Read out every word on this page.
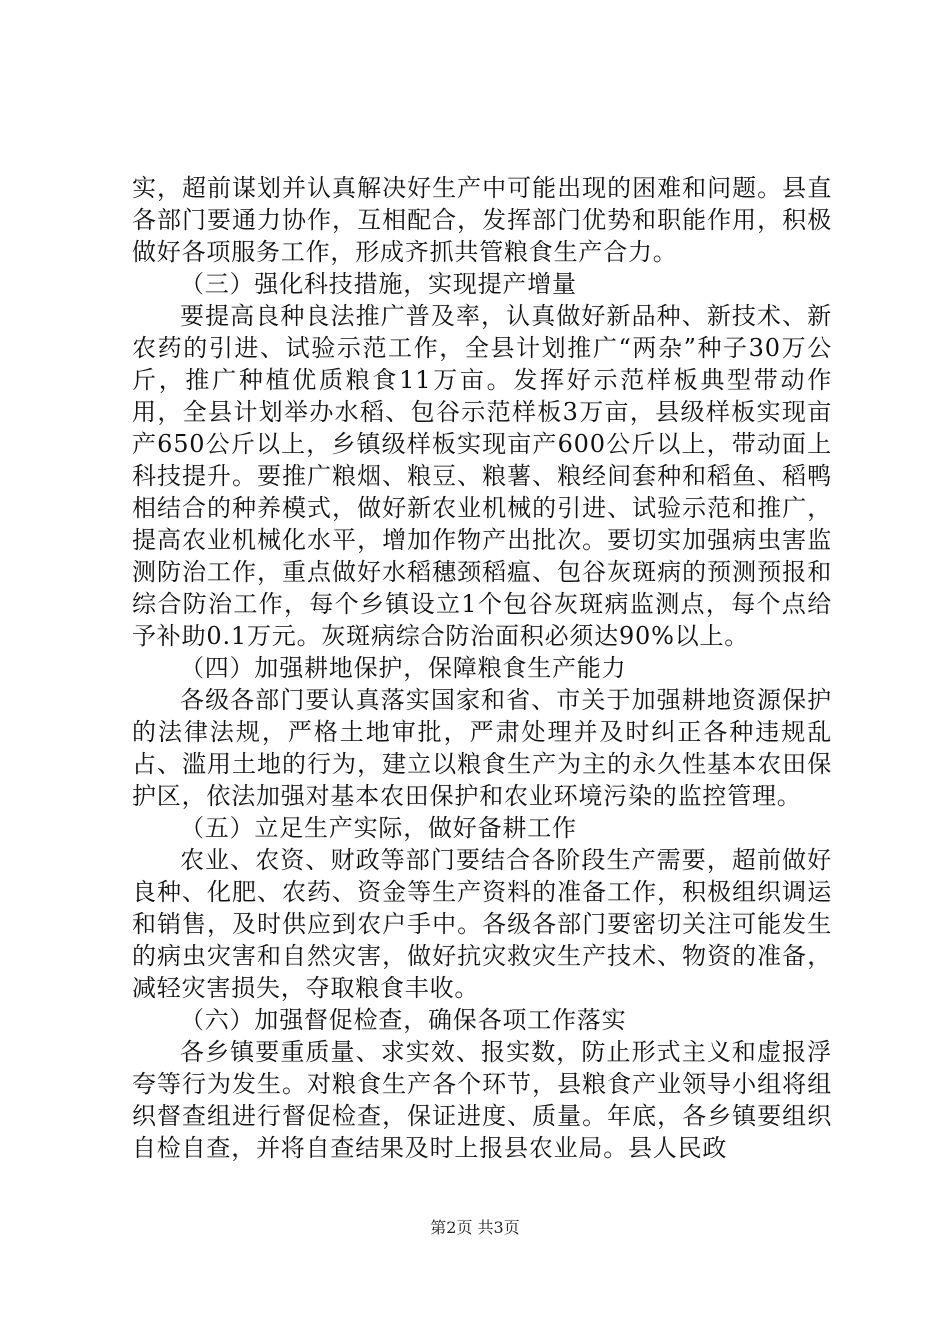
实，超前谋划并认真解决好生产中可能出现的困难和问题。县直各部门要通力协作，互相配合，发挥部门优势和职能作用，积极做好各项服务工作，形成齐抓共管粮食生产合力。

（三）强化科技措施，实现提产增量

要提高良种良法推广普及率，认真做好新品种、新技术、新农药的引进、试验示范工作，全县计划推广“两杂”种子30万公斤，推广种植优质粮食11万亩。发挥好示范样板典型带动作用，全县计划举办水稻、包谷示范样板3万亩，县级样板实现亩产650公斤以上，乡镇级样板实现亩产600公斤以上，带动面上科技提升。要推广粮烟、粮豆、粮薯、粮经间套种和稻鱼、稻鸭相结合的种养模式，做好新农业机械的引进、试验示范和推广，提高农业机械化水平，增加作物产出批次。要切实加强病虫害监测防治工作，重点做好水稻穗颈稻瘟、包谷灰斑病的预测预报和综合防治工作，每个乡镇设立1个包谷灰斑病监测点，每个点给予补助0.1万元。灰斑病综合防治面积必须达90%以上。

（四）加强耕地保护，保障粮食生产能力

各级各部门要认真落实国家和省、市关于加强耕地资源保护的法律法规，严格土地审批，严肃处理并及时纠正各种违规乱占、滥用土地的行为，建立以粮食生产为主的永久性基本农田保护区，依法加强对基本农田保护和农业环境污染的监控管理。

（五）立足生产实际，做好备耕工作

农业、农资、财政等部门要结合各阶段生产需要，超前做好良种、化肥、农药、资金等生产资料的准备工作，积极组织调运和销售，及时供应到农户手中。各级各部门要密切关注可能发生的病虫灾害和自然灾害，做好抗灾救灾生产技术、物资的准备，减轻灾害损失，夺取粮食丰收。

（六）加强督促检查，确保各项工作落实

各乡镇要重质量、求实效、报实数，防止形式主义和虚报浮夸等行为发生。对粮食生产各个环节，县粮食产业领导小组将组织督查组进行督促检查，保证进度、质量。年底，各乡镇要组织自检自查，并将自查结果及时上报县农业局。县人民政

第2页 共3页
